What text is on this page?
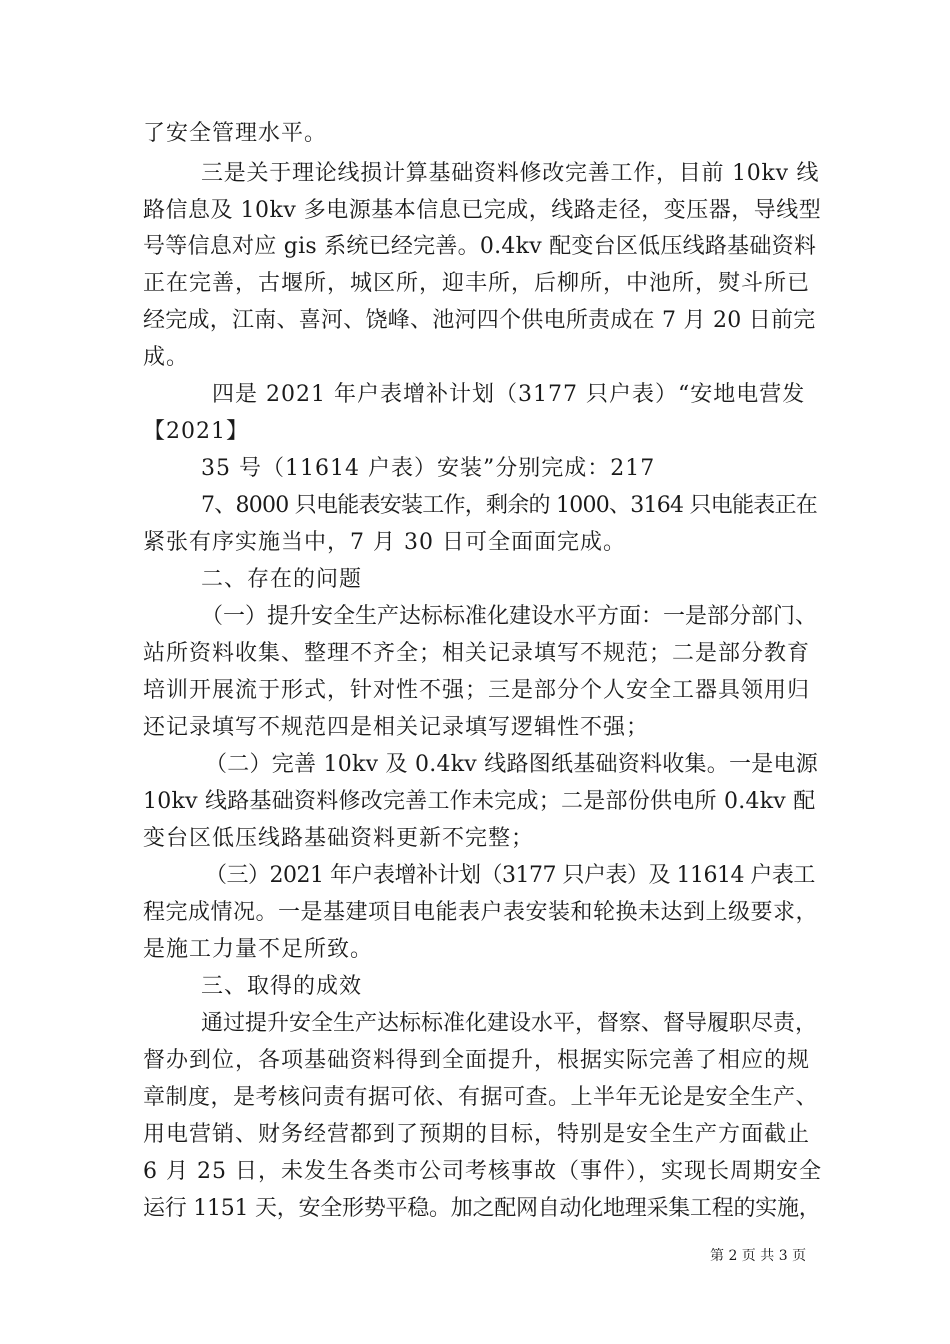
了安全管理水平。

三是关于理论线损计算基础资料修改完善工作，目前 10kv 线

路信息及 10kv 多电源基本信息已完成，线路走径，变压器，导线型

号等信息对应 gis 系统已经完善。0.4kv 配变台区低压线路基础资料

正在完善，古堰所，城区所，迎丰所，后柳所，中池所，熨斗所已

经完成，江南、喜河、饶峰、池河四个供电所责成在 7 月 20 日前完

成。

四是 2021 年户表增补计划（3177 只户表）“安地电营发

【2021】

35 号（11614 户表）安装”分别完成：217

7、8000 只电能表安装工作，剩余的 1000、3164 只电能表正在

紧张有序实施当中，7 月 30 日可全面面完成。

二、存在的问题

（一）提升安全生产达标标准化建设水平方面：一是部分部门、

站所资料收集、整理不齐全；相关记录填写不规范；二是部分教育

培训开展流于形式，针对性不强；三是部分个人安全工器具领用归

还记录填写不规范四是相关记录填写逻辑性不强；

（二）完善 10kv 及 0.4kv 线路图纸基础资料收集。一是电源

10kv 线路基础资料修改完善工作未完成；二是部份供电所 0.4kv 配

变台区低压线路基础资料更新不完整；

（三）2021 年户表增补计划（3177 只户表）及 11614 户表工

程完成情况。一是基建项目电能表户表安装和轮换未达到上级要求，

是施工力量不足所致。

三、取得的成效

通过提升安全生产达标标准化建设水平，督察、督导履职尽责，

督办到位，各项基础资料得到全面提升，根据实际完善了相应的规

章制度，是考核问责有据可依、有据可查。上半年无论是安全生产、

用电营销、财务经营都到了预期的目标，特别是安全生产方面截止

6 月 25 日，未发生各类市公司考核事故（事件），实现长周期安全

运行 1151 天，安全形势平稳。加之配网自动化地理采集工程的实施，

第 2 页 共 3 页
